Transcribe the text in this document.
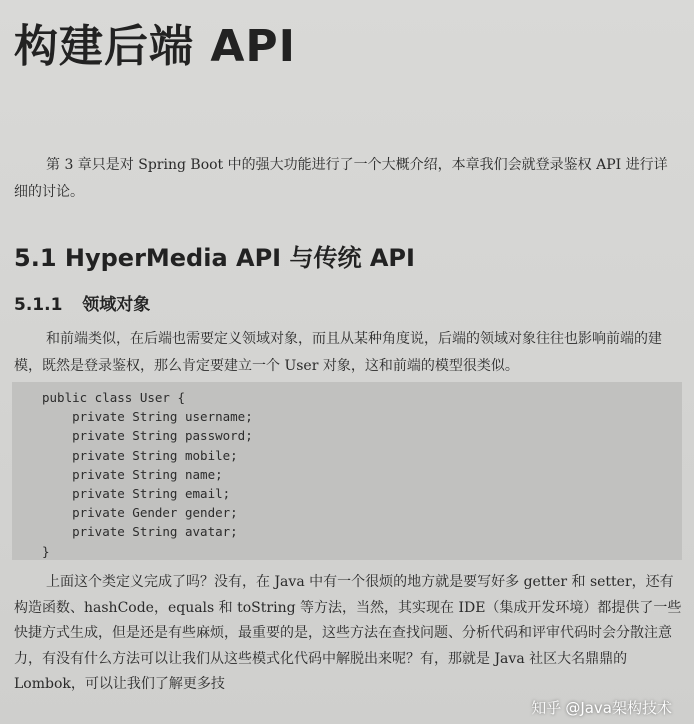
构建后端 API

第 3 章只是对 Spring Boot 中的强大功能进行了一个大概介绍，本章我们会就登录鉴权 API 进行详细的讨论。

5.1 HyperMedia API 与传统 API
5.1.1 领域对象

和前端类似，在后端也需要定义领域对象，而且从某种角度说，后端的领域对象往往也影响前端的建模，既然是登录鉴权，那么肯定要建立一个 User 对象，这和前端的模型很类似。

public class User {
private String username;
private String password;
private String mobile;
private String name;
private String email;
private Gender gender;
private String avatar;
}

上面这个类定义完成了吗？没有，在 Java 中有一个很烦的地方就是要写好多 getter 和 setter，还有构造函数、hashCode，equals 和 toString 等方法，当然，其实现在 IDE（集成开发环境）都提供了一些快捷方式生成，但是还是有些麻烦，最重要的是，这些方法在查找问题、分析代码和评审代码时会分散注意力，有没有什么方法可以让我们从这些模式化代码中解脱出来呢？有，那就是 Java 社区大名鼎鼎的 Lombok，可以让我们了解更多技

知乎 @Java架构技术
